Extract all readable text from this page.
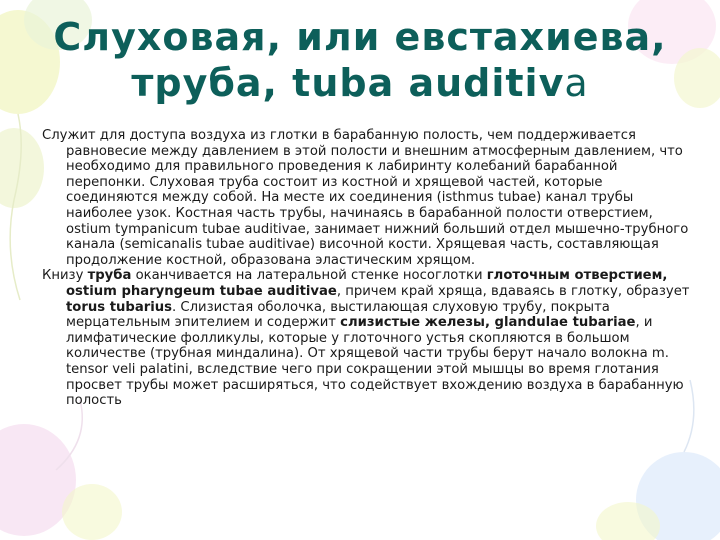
Слуховая, или евстахиева,
труба, tuba auditiva

Служит для доступа воздуха из глотки в барабанную полость, чем поддерживается равновесие между давлением в этой полости и внешним атмосферным давлением, что необходимо для правильного проведения к лабиринту колебаний барабанной перепонки. Слуховая труба состоит из костной и хрящевой частей, которые соединяются между собой. На месте их соединения (isthmus tubae) канал трубы наиболее узок. Костная часть трубы, начинаясь в барабанной полости отверстием, ostium tympanicum tubae auditivae, занимает нижний больший отдел мышечно-трубного канала (semicanalis tubae auditivae) височной кости. Хрящевая часть, составляющая продолжение костной, образована эластическим хрящом.

Книзу труба оканчивается на латеральной стенке носоглотки глоточным отверстием, ostium pharyngeum tubae auditivae, причем край хряща, вдаваясь в глотку, образует torus tubarius. Слизистая оболочка, выстилающая слуховую трубу, покрыта мерцательным эпителием и содержит слизистые железы, glandulae tubariae, и лимфатические фолликулы, которые у глоточного устья скопляются в большом количестве (трубная миндалина). От хрящевой части трубы берут начало волокна m. tensor veli palatini, вследствие чего при сокращении этой мышцы во время глотания просвет трубы может расширяться, что содействует вхождению воздуха в барабанную полость
